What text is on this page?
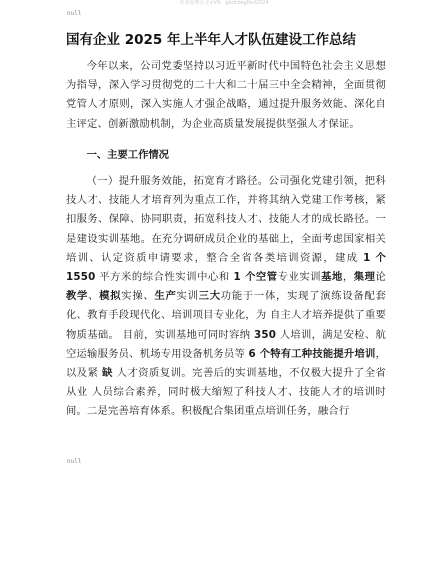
更多免费公文+VX：gbdcbsg0xd2024
null
国有企业 2025 年上半年人才队伍建设工作总结

今年以来，公司党委坚持以习近平新时代中国特色社会主义思想为指导，深入学习贯彻党的二十大和二十届三中全会精神，全面贯彻党管人才原则，深入实施人才强企战略，通过提升服务效能、深化自主评定、创新激励机制，为企业高质量发展提供坚强人才保证。

一、主要工作情况

（一）提升服务效能，拓宽育才路径。公司强化党建引领，把科技人才、技能人才培育列为重点工作，并将其纳入党建工作考核，紧扣服务、保障、协同职责，拓宽科技人才、技能人才的成长路径。一是建设实训基地。在充分调研成员企业的基础上，全面考虑国家相关培训、认定资质申请要求，整合全省各类培训资源，建成 1 个 1550 平方米的综合性实训中心和 1 个空管专业实训基地，集理论教学、模拟实操、生产实训三大功能于一体，实现了演练设备配套化、教育手段现代化、培训项目专业化，为 自主人才培养提供了重要物质基础。 目前，实训基地可同时容纳 350 人培训，满足安检、航空运输服务员、机场专用设备机务员等 6 个特有工种技能提升培训， 以及紧 缺 人才资质复训。完善后的实训基地，不仅极大提升了全省从业 人员综合素养，同时极大缩短了科技人才、技能人才的培训时 间。二是完善培育体系。积极配合集团重点培训任务，融合行

null
